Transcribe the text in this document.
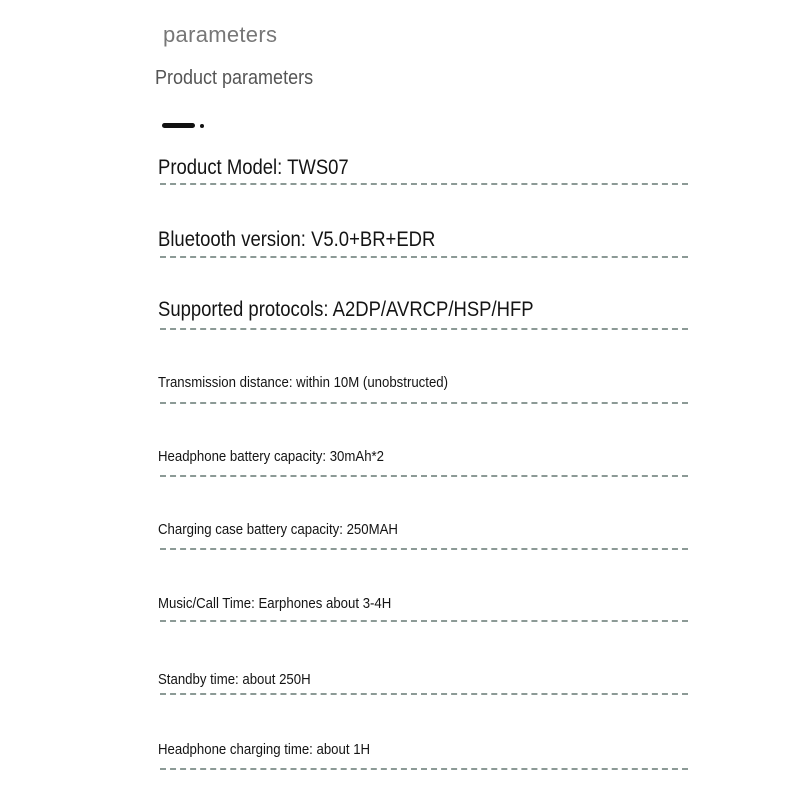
parameters
Product parameters
Product Model: TWS07
Bluetooth version: V5.0+BR+EDR
Supported protocols: A2DP/AVRCP/HSP/HFP
Transmission distance: within 10M (unobstructed)
Headphone battery capacity: 30mAh*2
Charging case battery capacity: 250MAH
Music/Call Time: Earphones about 3-4H
Standby time: about 250H
Headphone charging time: about 1H
